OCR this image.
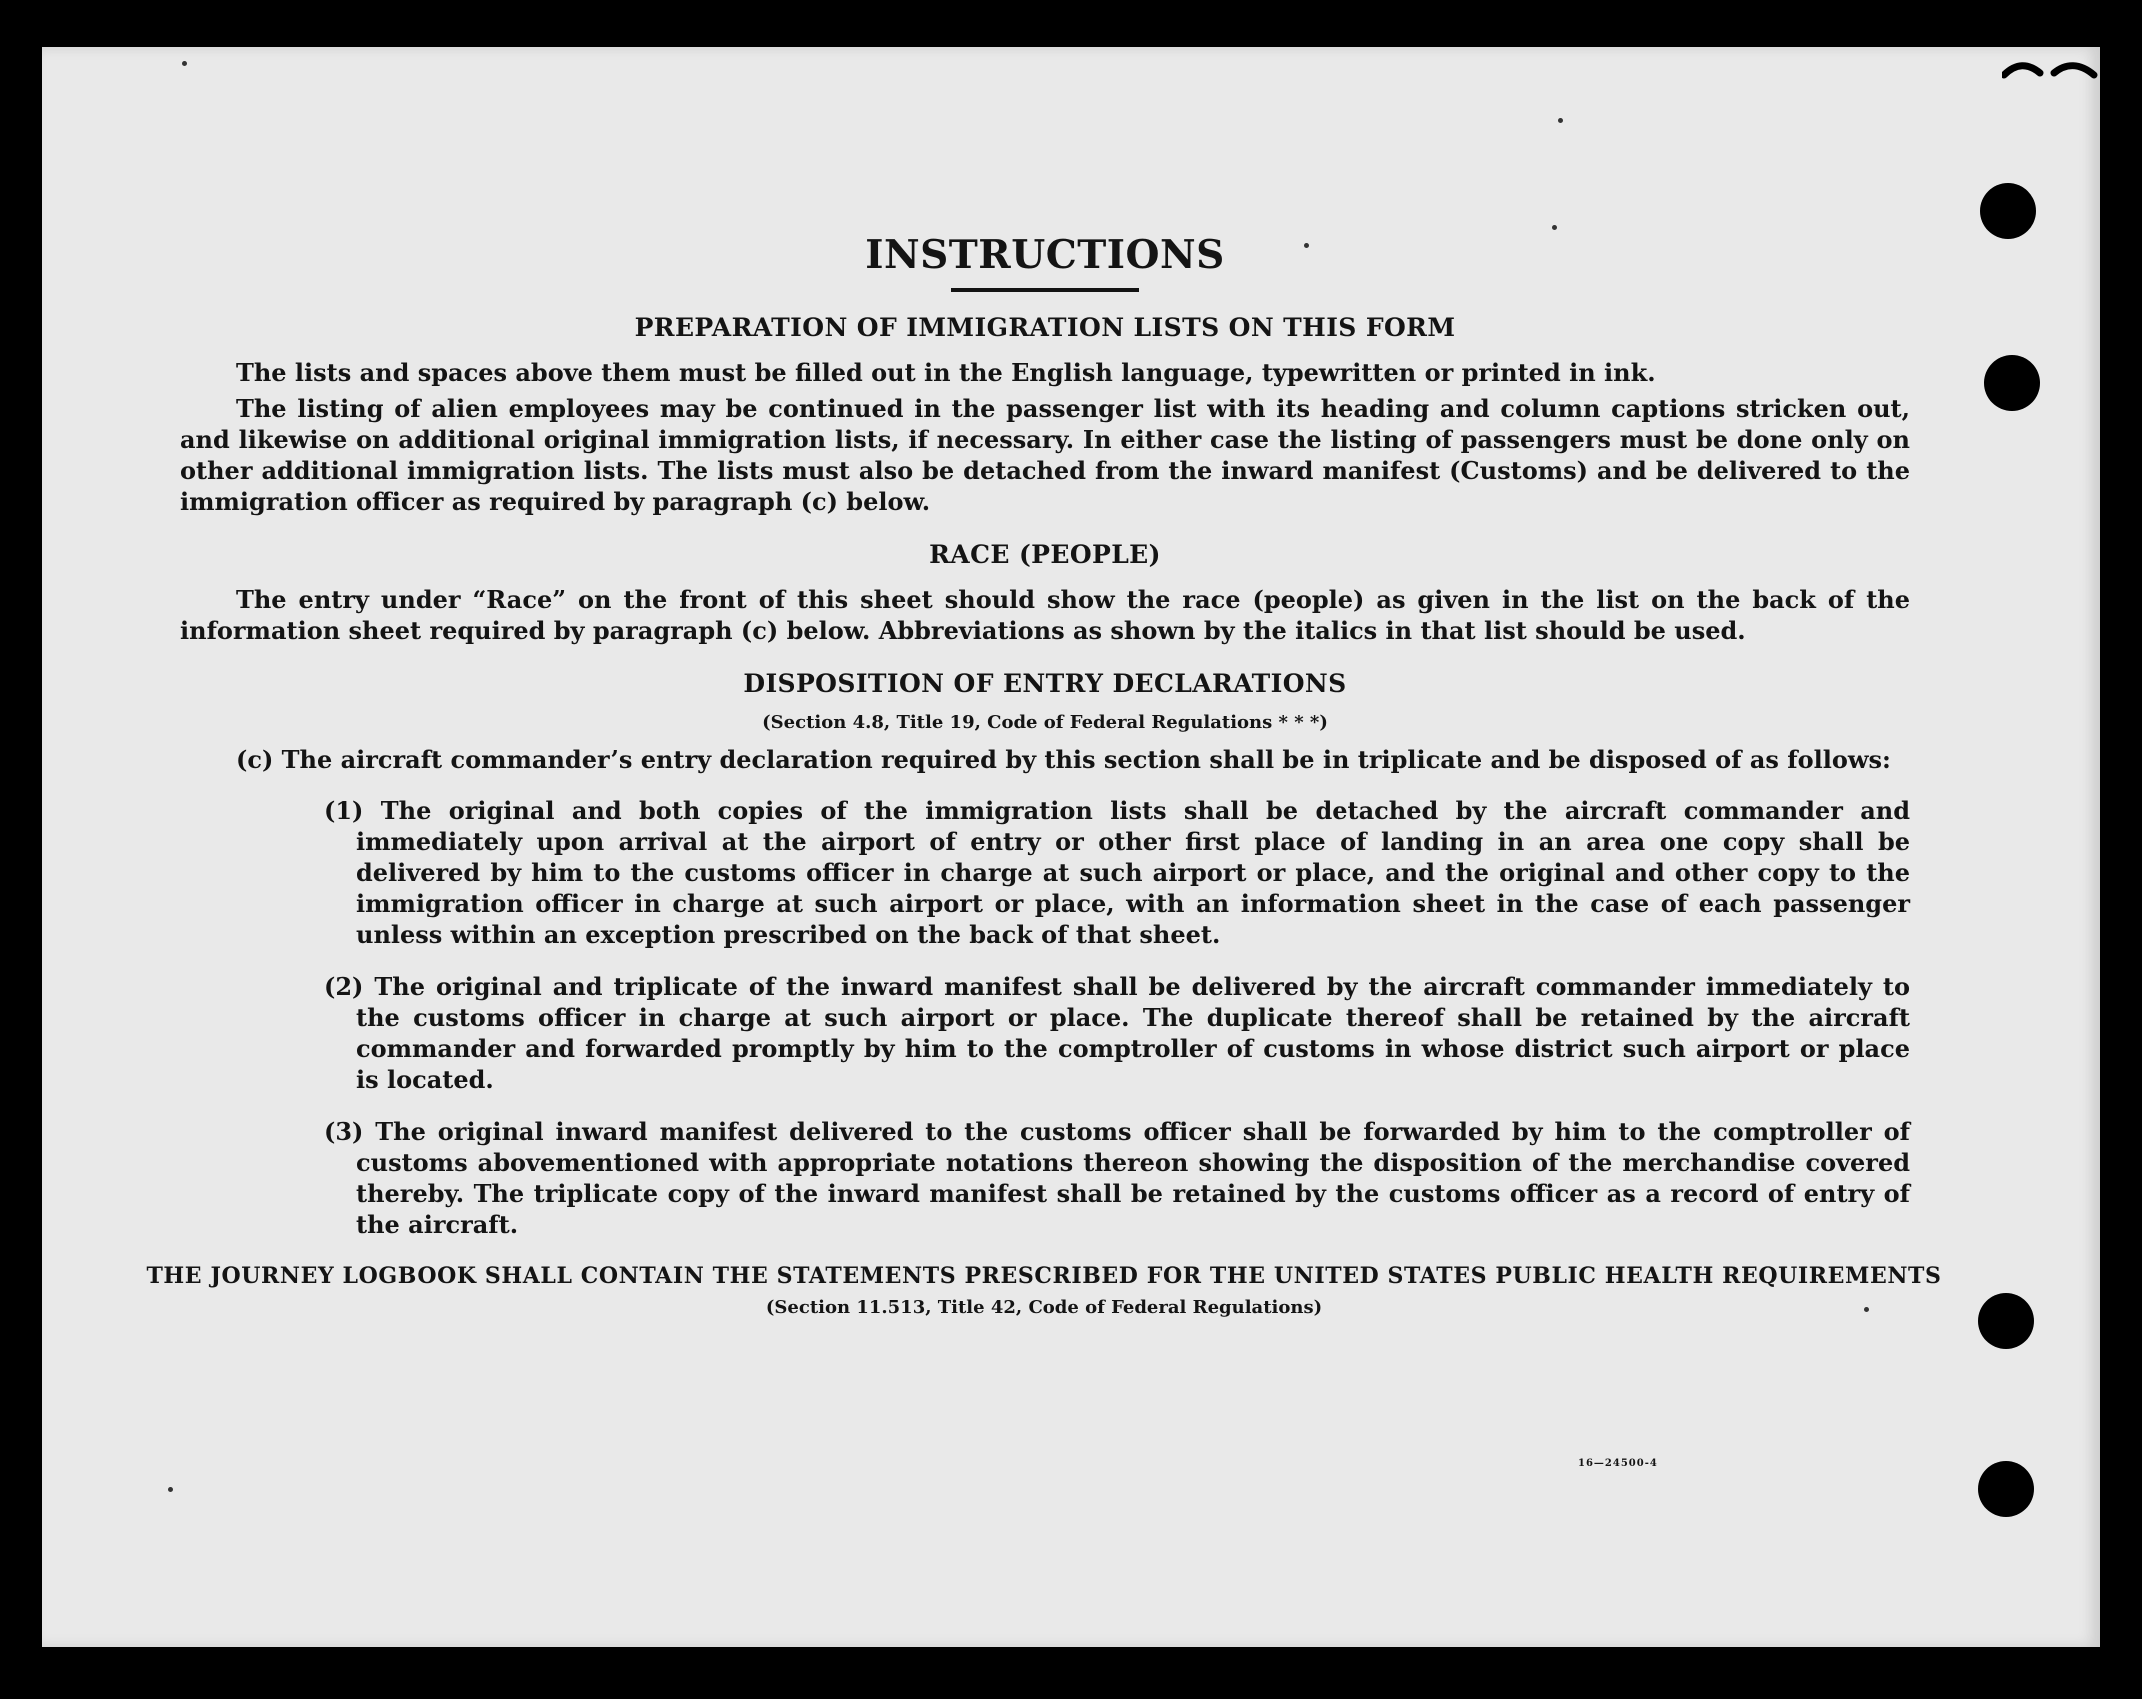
16—24500-4
INSTRUCTIONS
PREPARATION OF IMMIGRATION LISTS ON THIS FORM

The lists and spaces above them must be filled out in the English language, typewritten or printed in ink.

The listing of alien employees may be continued in the passenger list with its heading and column captions stricken out, and likewise on additional original immigration lists, if necessary. In either case the listing of passengers must be done only on other additional immigration lists. The lists must also be detached from the inward manifest (Customs) and be delivered to the immigration officer as required by paragraph (c) below.

RACE (PEOPLE)

The entry under “Race” on the front of this sheet should show the race (people) as given in the list on the back of the information sheet required by paragraph (c) below. Abbreviations as shown by the italics in that list should be used.

DISPOSITION OF ENTRY DECLARATIONS
(Section 4.8, Title 19, Code of Federal Regulations * * *)

(c) The aircraft commander’s entry declaration required by this section shall be in triplicate and be disposed of as follows:

(1) The original and both copies of the immigration lists shall be detached by the aircraft commander and immediately upon arrival at the airport of entry or other first place of landing in an area one copy shall be delivered by him to the customs officer in charge at such airport or place, and the original and other copy to the immigration officer in charge at such airport or place, with an information sheet in the case of each passenger unless within an exception prescribed on the back of that sheet.

(2) The original and triplicate of the inward manifest shall be delivered by the aircraft commander immediately to the customs officer in charge at such airport or place. The duplicate thereof shall be retained by the aircraft commander and forwarded promptly by him to the comptroller of customs in whose district such airport or place is located.

(3) The original inward manifest delivered to the customs officer shall be forwarded by him to the comptroller of customs abovementioned with appropriate notations thereon showing the disposition of the merchandise covered thereby. The triplicate copy of the inward manifest shall be retained by the customs officer as a record of entry of the aircraft.

THE JOURNEY LOGBOOK SHALL CONTAIN THE STATEMENTS PRESCRIBED FOR THE UNITED STATES PUBLIC HEALTH REQUIREMENTS
(Section 11.513, Title 42, Code of Federal Regulations)
